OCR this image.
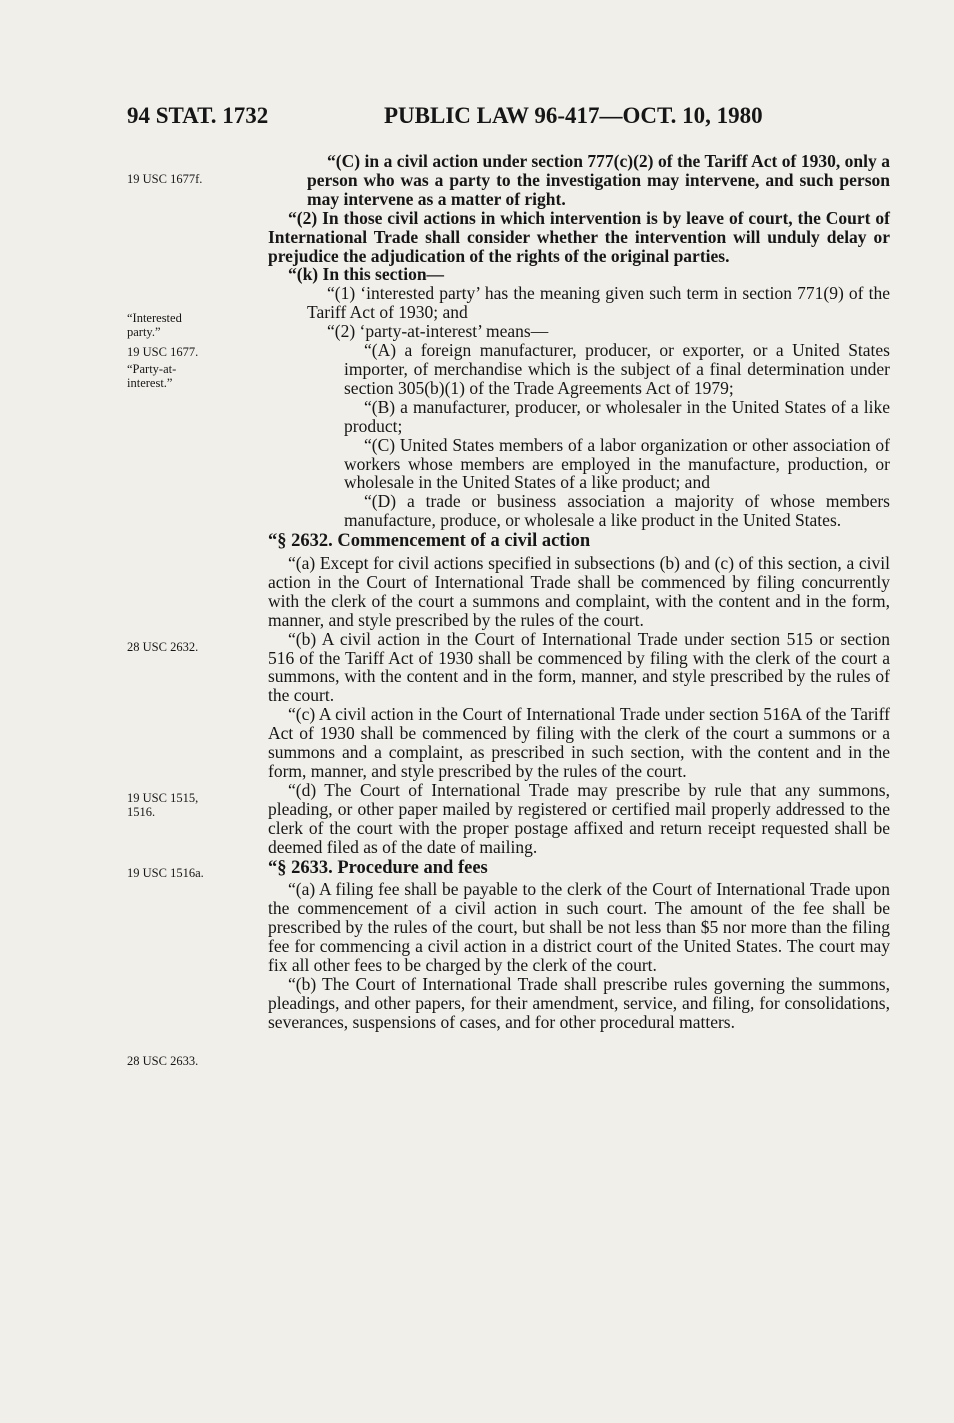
94 STAT. 1732	PUBLIC LAW 96-417—OCT. 10, 1980
19 USC 1677f.
“Interested
party.”
19 USC 1677.
“Party-at-
interest.”
28 USC 2632.
19 USC 1515,
1516.
19 USC 1516a.
28 USC 2633.

“(C) in a civil action under section 777(c)(2) of the Tariff Act of 1930, only a person who was a party to the investigation may intervene, and such person may intervene as a matter of right.

“(2) In those civil actions in which intervention is by leave of court, the Court of International Trade shall consider whether the intervention will unduly delay or prejudice the adjudication of the rights of the original parties.

“(k) In this section—

“(1) ‘interested party’ has the meaning given such term in section 771(9) of the Tariff Act of 1930; and

“(2) ‘party-at-interest’ means—

“(A) a foreign manufacturer, producer, or exporter, or a United States importer, of merchandise which is the subject of a final determination under section 305(b)(1) of the Trade Agreements Act of 1979;

“(B) a manufacturer, producer, or wholesaler in the United States of a like product;

“(C) United States members of a labor organization or other association of workers whose members are employed in the manufacture, production, or wholesale in the United States of a like product; and

“(D) a trade or business association a majority of whose members manufacture, produce, or wholesale a like product in the United States.

“§ 2632. Commencement of a civil action

“(a) Except for civil actions specified in subsections (b) and (c) of this section, a civil action in the Court of International Trade shall be commenced by filing concurrently with the clerk of the court a summons and complaint, with the content and in the form, manner, and style prescribed by the rules of the court.

“(b) A civil action in the Court of International Trade under section 515 or section 516 of the Tariff Act of 1930 shall be commenced by filing with the clerk of the court a summons, with the content and in the form, manner, and style prescribed by the rules of the court.

“(c) A civil action in the Court of International Trade under section 516A of the Tariff Act of 1930 shall be commenced by filing with the clerk of the court a summons or a summons and a complaint, as prescribed in such section, with the content and in the form, manner, and style prescribed by the rules of the court.

“(d) The Court of International Trade may prescribe by rule that any summons, pleading, or other paper mailed by registered or certified mail properly addressed to the clerk of the court with the proper postage affixed and return receipt requested shall be deemed filed as of the date of mailing.

“§ 2633. Procedure and fees

“(a) A filing fee shall be payable to the clerk of the Court of International Trade upon the commencement of a civil action in such court. The amount of the fee shall be prescribed by the rules of the court, but shall be not less than $5 nor more than the filing fee for commencing a civil action in a district court of the United States. The court may fix all other fees to be charged by the clerk of the court.

“(b) The Court of International Trade shall prescribe rules governing the summons, pleadings, and other papers, for their amendment, service, and filing, for consolidations, severances, suspensions of cases, and for other procedural matters.
